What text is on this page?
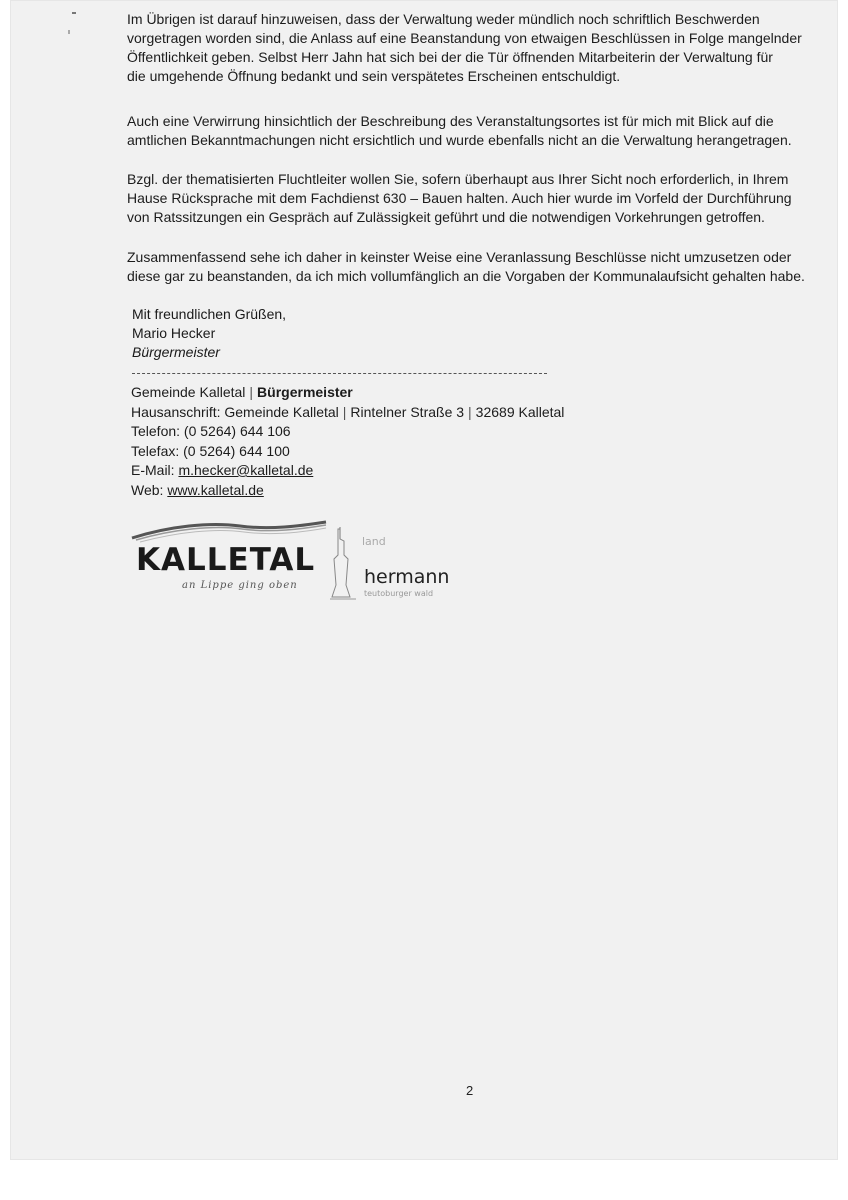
Im Übrigen ist darauf hinzuweisen, dass der Verwaltung weder mündlich noch schriftlich Beschwerden
vorgetragen worden sind, die Anlass auf eine Beanstandung von etwaigen Beschlüssen in Folge mangelnder
Öffentlichkeit geben. Selbst Herr Jahn hat sich bei der die Tür öffnenden Mitarbeiterin der Verwaltung für
die umgehende Öffnung bedankt und sein verspätetes Erscheinen entschuldigt.

Auch eine Verwirrung hinsichtlich der Beschreibung des Veranstaltungsortes ist für mich mit Blick auf die
amtlichen Bekanntmachungen nicht ersichtlich und wurde ebenfalls nicht an die Verwaltung herangetragen.

Bzgl. der thematisierten Fluchtleiter wollen Sie, sofern überhaupt aus Ihrer Sicht noch erforderlich, in Ihrem
Hause Rücksprache mit dem Fachdienst 630 – Bauen halten. Auch hier wurde im Vorfeld der Durchführung
von Ratssitzungen ein Gespräch auf Zulässigkeit geführt und die notwendigen Vorkehrungen getroffen.

Zusammenfassend sehe ich daher in keinster Weise eine Veranlassung Beschlüsse nicht umzusetzen oder
diese gar zu beanstanden, da ich mich vollumfänglich an die Vorgaben der Kommunalaufsicht gehalten habe.

Mit freundlichen Grüßen,
Mario Hecker
Bürgermeister
Gemeinde Kalletal | Bürgermeister
Hausanschrift: Gemeinde Kalletal | Rintelner Straße 3 | 32689 Kalletal
Telefon: (0 5264) 644 106
Telefax: (0 5264) 644 100
E-Mail: m.hecker@kalletal.de
Web: www.kalletal.de
KALLETAL
an Lippe ging oben
land
hermann
teutoburger wald
2
